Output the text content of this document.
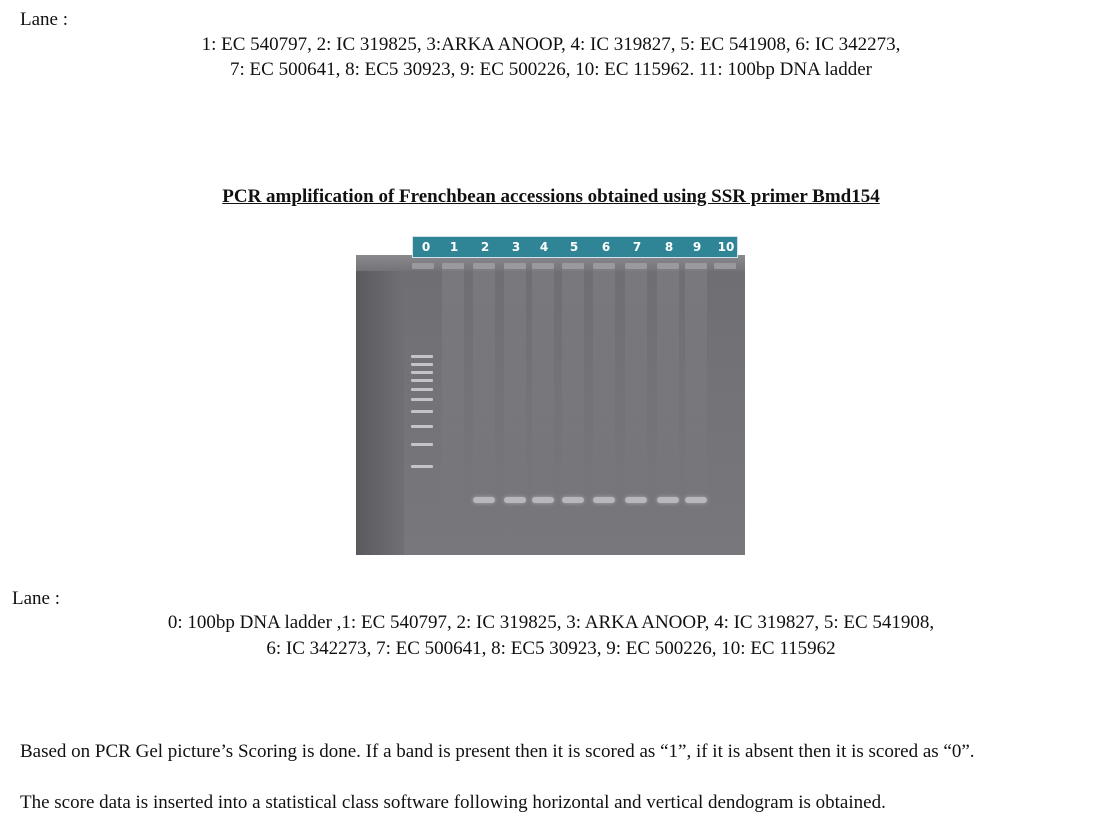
Lane :
1: EC 540797, 2: IC 319825, 3:ARKA ANOOP, 4: IC 319827, 5: EC 541908, 6: IC 342273,
7: EC 500641, 8: EC5 30923, 9: EC 500226, 10: EC 115962. 11: 100bp DNA ladder
PCR amplification of Frenchbean accessions obtained using SSR primer Bmd154
0	1	2	3	4	5	6	7	8	9	10
Lane :
0: 100bp DNA ladder ,1: EC 540797, 2: IC 319825, 3: ARKA ANOOP, 4: IC 319827, 5: EC 541908,
6: IC 342273, 7: EC 500641, 8: EC5 30923, 9: EC 500226, 10: EC 115962
Based on PCR Gel picture’s Scoring is done. If a band is present then it is scored as “1”, if it is absent then it is scored as “0”.
The score data is inserted into a statistical class software following horizontal and vertical dendogram is obtained.
